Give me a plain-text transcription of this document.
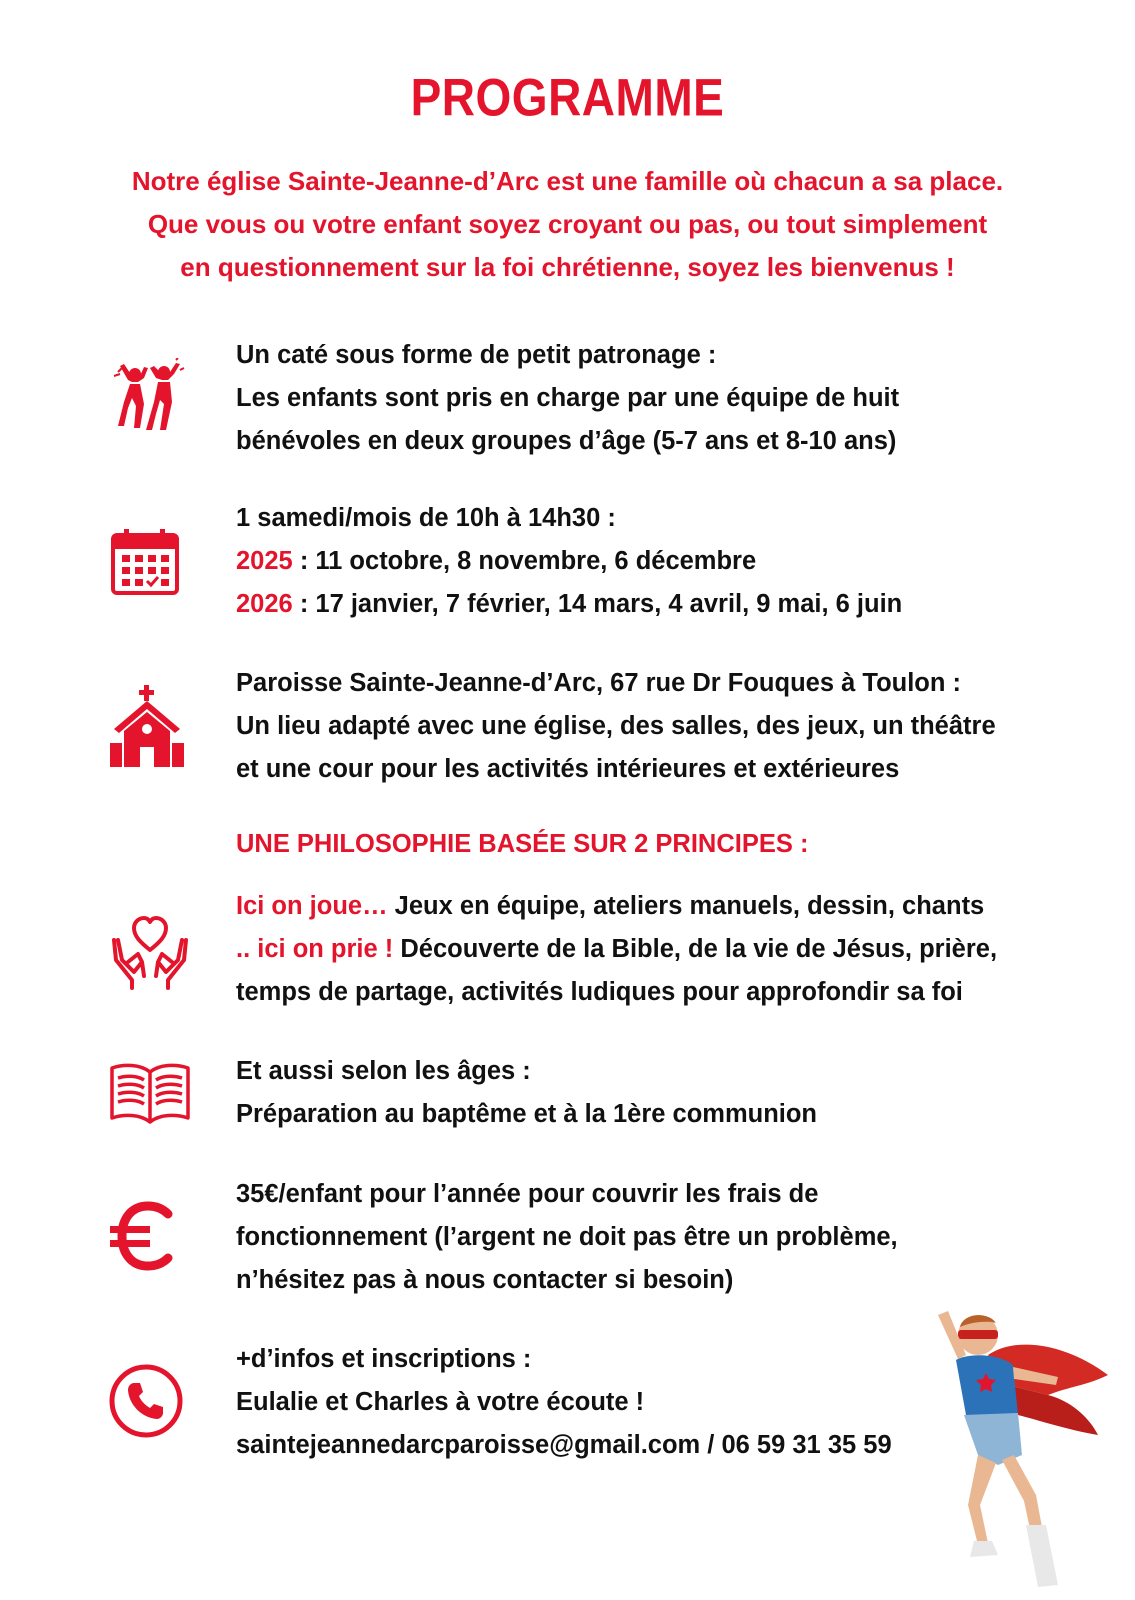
PROGRAMME
Notre église Sainte-Jeanne-d’Arc est une famille où chacun a sa place.
Que vous ou votre enfant soyez croyant ou pas, ou tout simplement
en questionnement sur la foi chrétienne, soyez les bienvenus !
Un caté sous forme de petit patronage :
Les enfants sont pris en charge par une équipe de huit
bénévoles en deux groupes d’âge (5-7 ans et 8-10 ans)
1 samedi/mois de 10h à 14h30 :
2025 : 11 octobre, 8 novembre, 6 décembre
2026 : 17 janvier, 7 février, 14 mars, 4 avril, 9 mai, 6 juin
Paroisse Sainte-Jeanne-d’Arc, 67 rue Dr Fouques à Toulon :
Un lieu adapté avec une église, des salles, des jeux, un théâtre
et une cour pour les activités intérieures et extérieures
UNE PHILOSOPHIE BASÉE SUR 2 PRINCIPES :
Ici on joue… Jeux en équipe, ateliers manuels, dessin, chants
.. ici on prie ! Découverte de la Bible, de la vie de Jésus, prière,
temps de partage, activités ludiques pour approfondir sa foi
Et aussi selon les âges :
Préparation au baptême et à la 1ère communion
35€/enfant pour l’année pour couvrir les frais de
fonctionnement (l’argent ne doit pas être un problème,
n’hésitez pas à nous contacter si besoin)
+d’infos et inscriptions :
Eulalie et Charles à votre écoute !
saintejeannedarcparoisse@gmail.com / 06 59 31 35 59
